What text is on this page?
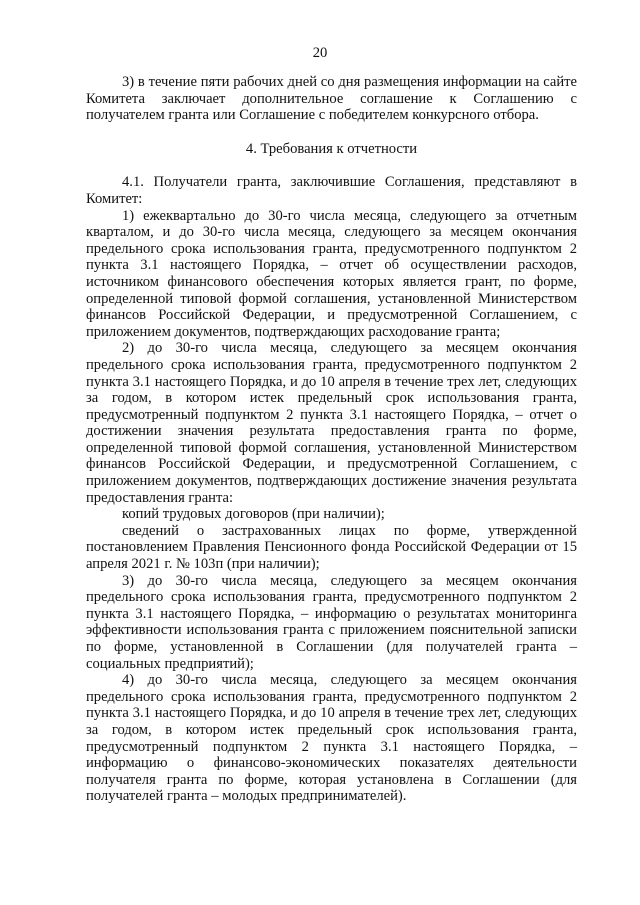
20

3) в течение пяти рабочих дней со дня размещения информации на сайте Комитета заключает дополнительное соглашение к Соглашению с получателем гранта или Соглашение с победителем конкурсного отбора.

4. Требования к отчетности

4.1. Получатели гранта, заключившие Соглашения, представляют в Комитет:

1) ежеквартально до 30-го числа месяца, следующего за отчетным кварталом, и до 30-го числа месяца, следующего за месяцем окончания предельного срока использования гранта, предусмотренного подпунктом 2 пункта 3.1 настоящего Порядка, – отчет об осуществлении расходов, источником финансового обеспечения которых является грант, по форме, определенной типовой формой соглашения, установленной Министерством финансов Российской Федерации, и предусмотренной Соглашением, с приложением документов, подтверждающих расходование гранта;

2) до 30-го числа месяца, следующего за месяцем окончания предельного срока использования гранта, предусмотренного подпунктом 2 пункта 3.1 настоящего Порядка, и до 10 апреля в течение трех лет, следующих за годом, в котором истек предельный срок использования гранта, предусмотренный подпунктом 2 пункта 3.1 настоящего Порядка, – отчет о достижении значения результата предоставления гранта по форме, определенной типовой формой соглашения, установленной Министерством финансов Российской Федерации, и предусмотренной Соглашением, с приложением документов, подтверждающих достижение значения результата предоставления гранта:

копий трудовых договоров (при наличии);

сведений о застрахованных лицах по форме, утвержденной постановлением Правления Пенсионного фонда Российской Федерации от 15 апреля 2021 г. № 103п (при наличии);

3) до 30-го числа месяца, следующего за месяцем окончания предельного срока использования гранта, предусмотренного подпунктом 2 пункта 3.1 настоящего Порядка, – информацию о результатах мониторинга эффективности использования гранта с приложением пояснительной записки по форме, установленной в Соглашении (для получателей гранта – социальных предприятий);

4) до 30-го числа месяца, следующего за месяцем окончания предельного срока использования гранта, предусмотренного подпунктом 2 пункта 3.1 настоящего Порядка, и до 10 апреля в течение трех лет, следующих за годом, в котором истек предельный срок использования гранта, предусмотренный подпунктом 2 пункта 3.1 настоящего Порядка, – информацию о финансово-экономических показателях деятельности получателя гранта по форме, которая установлена в Соглашении (для получателей гранта – молодых предпринимателей).
